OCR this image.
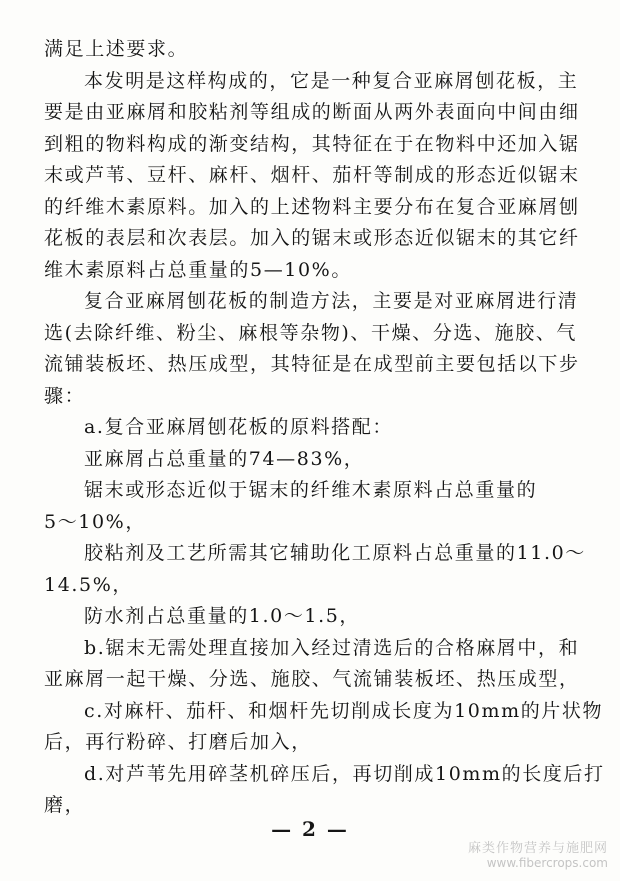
满足上述要求。
本发明是这样构成的，它是一种复合亚麻屑刨花板，主
要是由亚麻屑和胶粘剂等组成的断面从两外表面向中间由细
到粗的物料构成的渐变结构，其特征在于在物料中还加入锯
末或芦苇、豆杆、麻杆、烟杆、茄杆等制成的形态近似锯末
的纤维木素原料。加入的上述物料主要分布在复合亚麻屑刨
花板的表层和次表层。加入的锯末或形态近似锯末的其它纤
维木素原料占总重量的5—10%。
复合亚麻屑刨花板的制造方法，主要是对亚麻屑进行清
选(去除纤维、粉尘、麻根等杂物)、干燥、分选、施胶、气
流铺装板坯、热压成型，其特征是在成型前主要包括以下步
骤：
a.复合亚麻屑刨花板的原料搭配：
亚麻屑占总重量的74—83%，
锯末或形态近似于锯末的纤维木素原料占总重量的
5～10%，
胶粘剂及工艺所需其它辅助化工原料占总重量的11.0～
14.5%，
防水剂占总重量的1.0～1.5，
b.锯末无需处理直接加入经过清选后的合格麻屑中，和
亚麻屑一起干燥、分选、施胶、气流铺装板坯、热压成型，
c.对麻杆、茄杆、和烟杆先切削成长度为10mm的片状物
后，再行粉碎、打磨后加入，
d.对芦苇先用碎茎机碎压后，再切削成10mm的长度后打
磨，
— 2 —
麻类作物营养与施肥网
www.fibercrops.com
